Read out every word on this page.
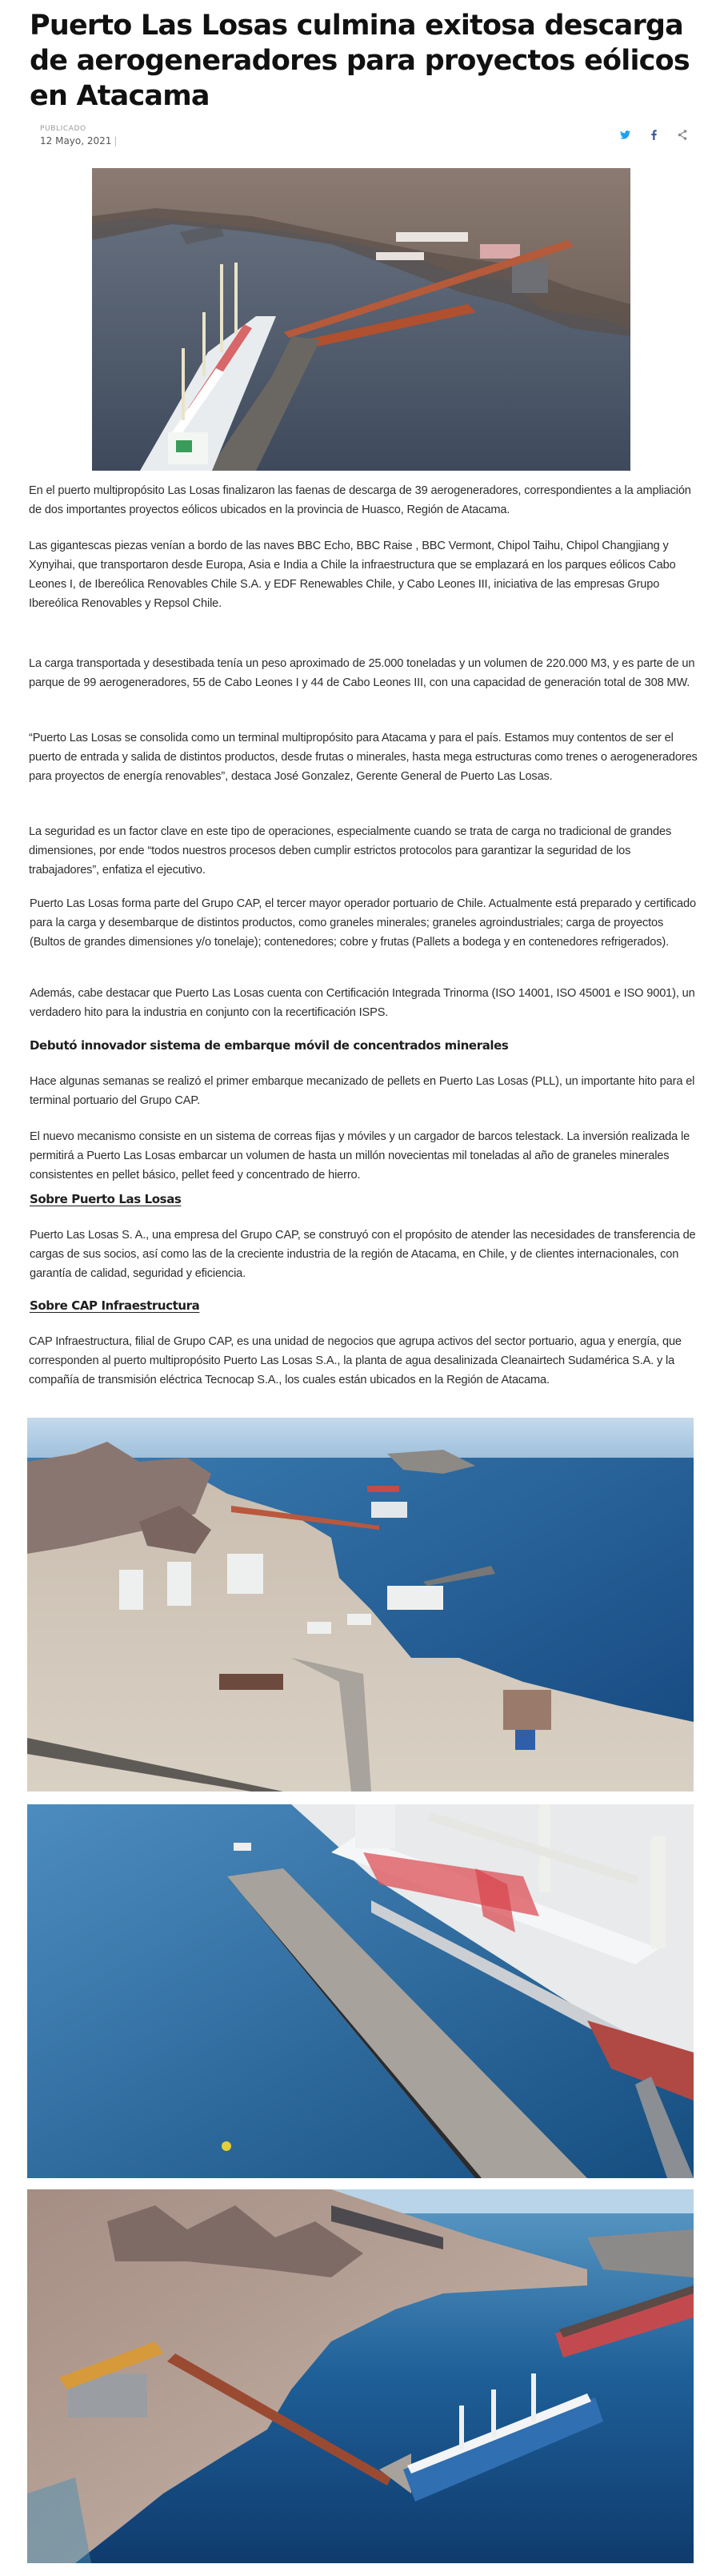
Puerto Las Losas culmina exitosa descarga de aerogeneradores para proyectos eólicos en Atacama
PUBLICADO
12 Mayo, 2021 |

En el puerto multipropósito Las Losas finalizaron las faenas de descarga de 39 aerogeneradores, correspondientes a la ampliación de dos importantes proyectos eólicos ubicados en la provincia de Huasco, Región de Atacama.

Las gigantescas piezas venían a bordo de las naves BBC Echo, BBC Raise , BBC Vermont, Chipol Taihu, Chipol Changjiang y Xynyihai, que transportaron desde Europa, Asia e India a Chile la infraestructura que se emplazará en los parques eólicos Cabo Leones I, de Ibereólica Renovables Chile S.A. y EDF Renewables Chile, y Cabo Leones III, iniciativa de las empresas Grupo Ibereólica Renovables y Repsol Chile.

La carga transportada y desestibada tenía un peso aproximado de 25.000 toneladas y un volumen de 220.000 M3, y es parte de un parque de 99 aerogeneradores, 55 de Cabo Leones I y 44 de Cabo Leones III, con una capacidad de generación total de 308 MW.

“Puerto Las Losas se consolida como un terminal multipropósito para Atacama y para el país. Estamos muy contentos de ser el puerto de entrada y salida de distintos productos, desde frutas o minerales, hasta mega estructuras como trenes o aerogeneradores para proyectos de energía renovables”, destaca José Gonzalez, Gerente General de Puerto Las Losas.

La seguridad es un factor clave en este tipo de operaciones, especialmente cuando se trata de carga no tradicional de grandes dimensiones, por ende “todos nuestros procesos deben cumplir estrictos protocolos para garantizar la seguridad de los trabajadores”, enfatiza el ejecutivo.

Puerto Las Losas forma parte del Grupo CAP, el tercer mayor operador portuario de Chile. Actualmente está preparado y certificado para la carga y desembarque de distintos productos, como graneles minerales; graneles agroindustriales; carga de proyectos (Bultos de grandes dimensiones y/o tonelaje); contenedores; cobre y frutas (Pallets a bodega y en contenedores refrigerados).

Además, cabe destacar que Puerto Las Losas cuenta con Certificación Integrada Trinorma (ISO 14001, ISO 45001 e ISO 9001), un verdadero hito para la industria en conjunto con la recertificación ISPS.

Debutó innovador sistema de embarque móvil de concentrados minerales

Hace algunas semanas se realizó el primer embarque mecanizado de pellets en Puerto Las Losas (PLL), un importante hito para el terminal portuario del Grupo CAP.

El nuevo mecanismo consiste en un sistema de correas fijas y móviles y un cargador de barcos telestack. La inversión realizada le permitirá a Puerto Las Losas embarcar un volumen de hasta un millón novecientas mil toneladas al año de graneles minerales consistentes en pellet básico, pellet feed y concentrado de hierro.

Sobre Puerto Las Losas

Puerto Las Losas S. A., una empresa del Grupo CAP, se construyó con el propósito de atender las necesidades de transferencia de cargas de sus socios, así como las de la creciente industria de la región de Atacama, en Chile, y de clientes internacionales, con garantía de calidad, seguridad y eficiencia.

Sobre CAP Infraestructura

CAP Infraestructura, filial de Grupo CAP, es una unidad de negocios que agrupa activos del sector portuario, agua y energía, que corresponden al puerto multipropósito Puerto Las Losas S.A., la planta de agua desalinizada Cleanairtech Sudamérica S.A. y la compañía de transmisión eléctrica Tecnocap S.A., los cuales están ubicados en la Región de Atacama.
